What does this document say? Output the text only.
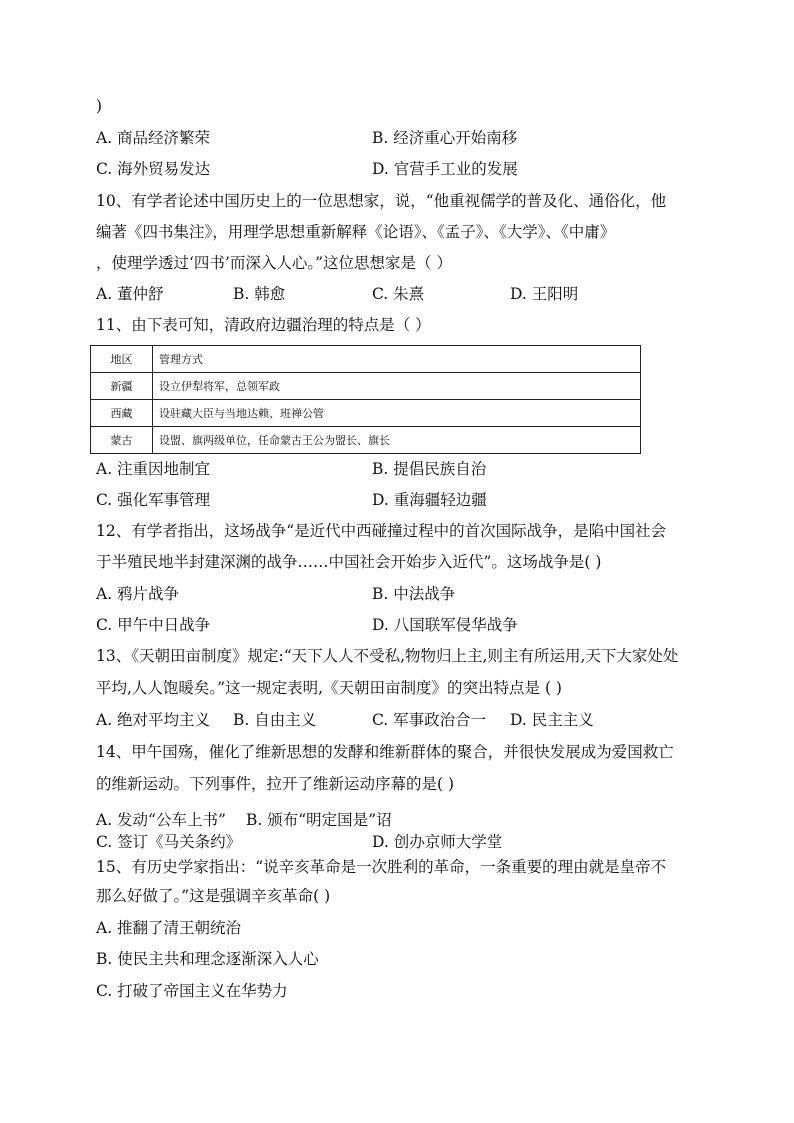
)
A. 商品经济繁荣	B. 经济重心开始南移
C. 海外贸易发达	D. 官营手工业的发展
10、有学者论述中国历史上的一位思想家，说，“他重视儒学的普及化、通俗化，他
编著《四书集注》，用理学思想重新解释《论语》、《孟子》、《大学》、《中庸》
，使理学透过‘四书’而深入人心。”这位思想家是（ ）
A. 董仲舒	B. 韩愈	C. 朱熹	D. 王阳明
11、由下表可知，清政府边疆治理的特点是（ ）
地区	管理方式
新疆	设立伊犁将军，总领军政
西藏	设驻藏大臣与当地达赖、班禅公管
蒙古	设盟、旗两级单位，任命蒙古王公为盟长、旗长
A. 注重因地制宜	B. 提倡民族自治
C. 强化军事管理	D. 重海疆轻边疆
12、有学者指出，这场战争“是近代中西碰撞过程中的首次国际战争，是陷中国社会
于半殖民地半封建深渊的战争……中国社会开始步入近代”。这场战争是( )
A. 鸦片战争	B. 中法战争
C. 甲午中日战争	D. 八国联军侵华战争
13、《天朝田亩制度》规定:“天下人人不受私,物物归上主,则主有所运用,天下大家处处
平均,人人饱暖矣。”这一规定表明,《天朝田亩制度》的突出特点是 ( )
A. 绝对平均主义 B. 自由主义	C. 军事政治合一 D. 民主主义
14、甲午国殇，催化了维新思想的发酵和维新群体的聚合，并很快发展成为爱国救亡
的维新运动。下列事件，拉开了维新运动序幕的是( )
A. 发动“公车上书” B. 颁布“明定国是”诏
C. 签订《马关条约》	D. 创办京师大学堂
15、有历史学家指出：“说辛亥革命是一次胜利的革命，一条重要的理由就是皇帝不
那么好做了。”这是强调辛亥革命( )
A. 推翻了清王朝统治
B. 使民主共和理念逐渐深入人心
C. 打破了帝国主义在华势力
